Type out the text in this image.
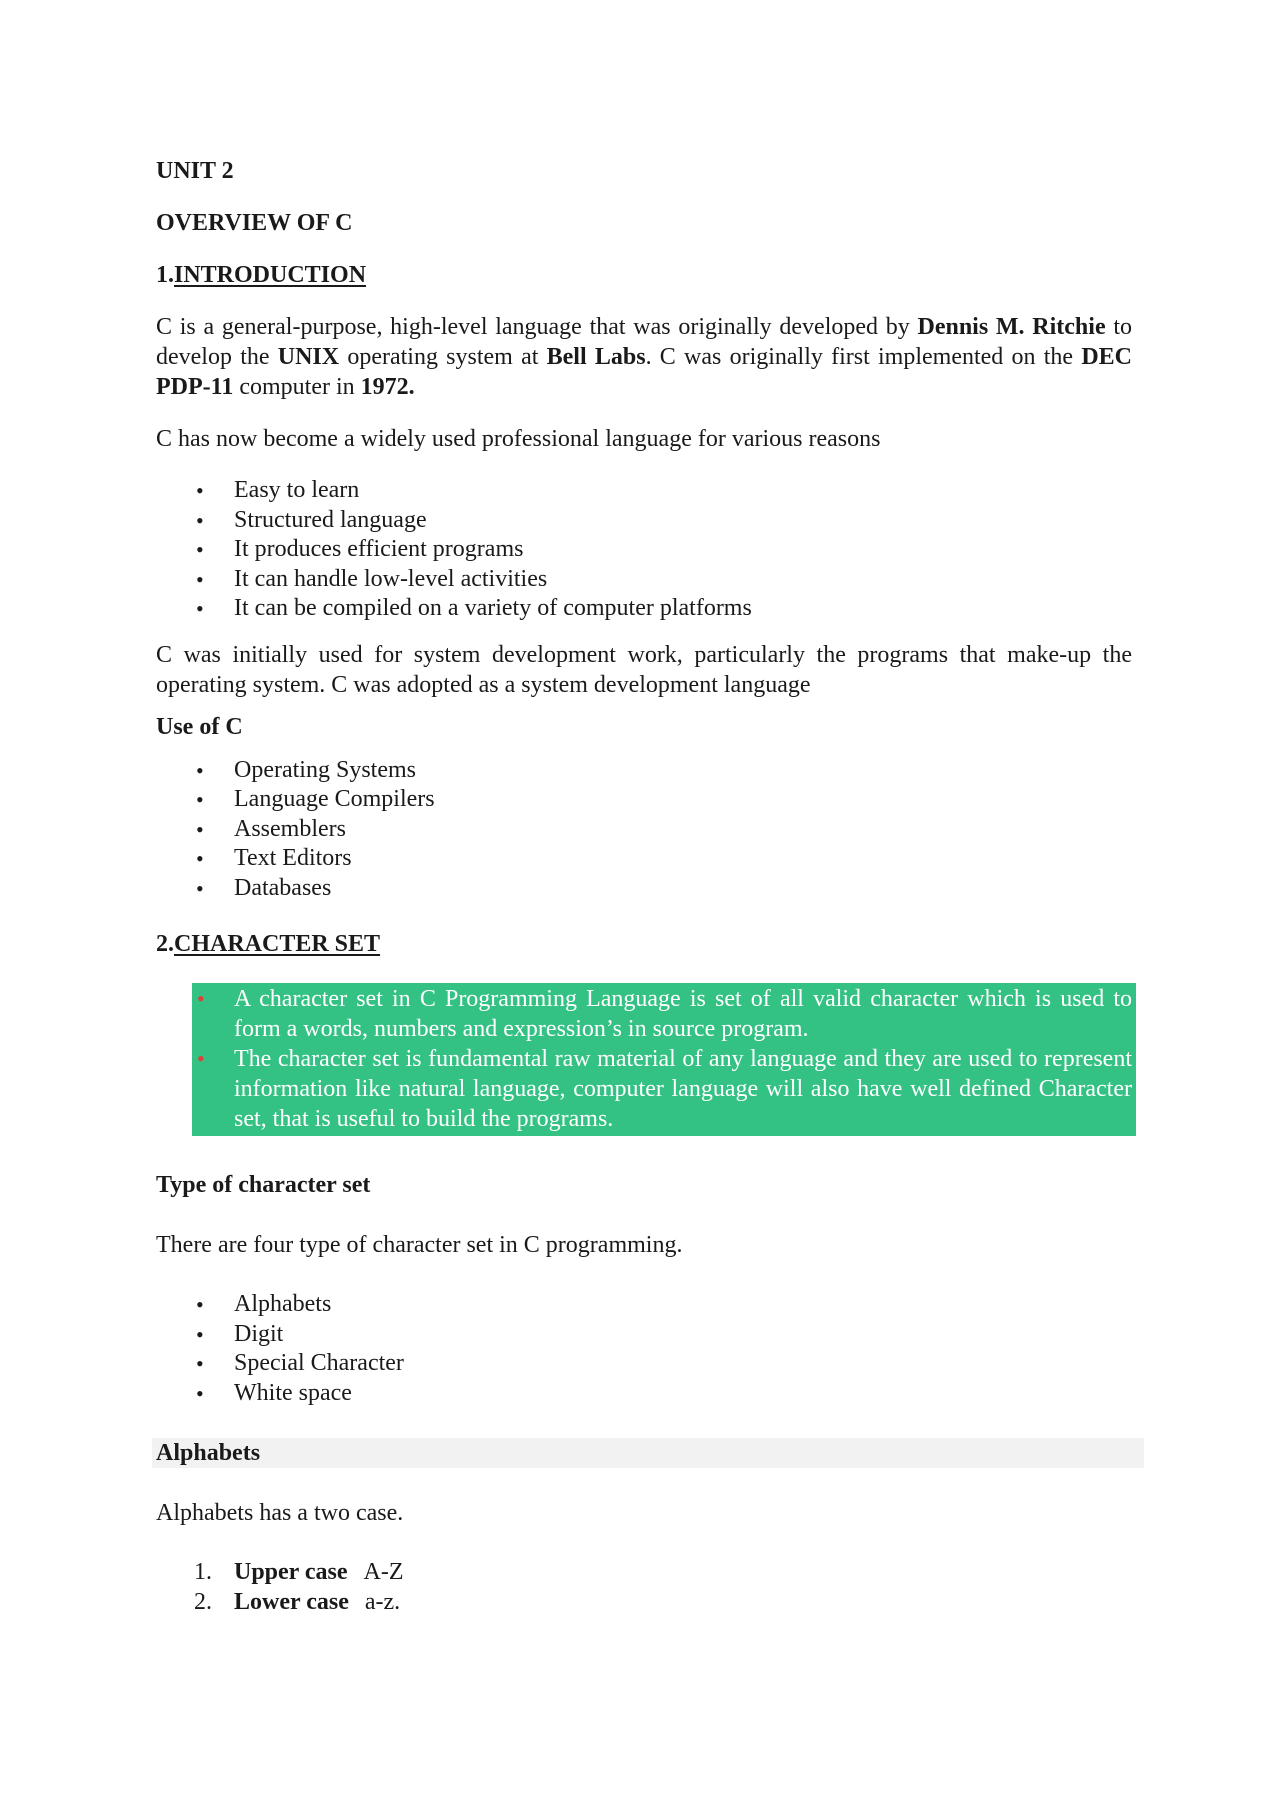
UNIT 2
OVERVIEW OF C
1.INTRODUCTION

C is a general-purpose, high-level language that was originally developed by Dennis M. Ritchie to develop the UNIX operating system at Bell Labs. C was originally first implemented on the DEC PDP-11 computer in 1972.

C has now become a widely used professional language for various reasons

• Easy to learn
• Structured language
• It produces efficient programs
• It can handle low-level activities
• It can be compiled on a variety of computer platforms

C was initially used for system development work, particularly the programs that make-up the operating system. C was adopted as a system development language

Use of C
• Operating Systems
• Language Compilers
• Assemblers
• Text Editors
• Databases
2.CHARACTER SET
• A character set in C Programming Language is set of all valid character which is used to form a words, numbers and expression’s in source program.
• The character set is fundamental raw material of any language and they are used to represent information like natural language, computer language will also have well defined Character set, that is useful to build the programs.
Type of character set
There are four type of character set in C programming.
• Alphabets
• Digit
• Special Character
• White space
Alphabets
Alphabets has a two case.
1. Upper case A-Z
2. Lower case a-z.
